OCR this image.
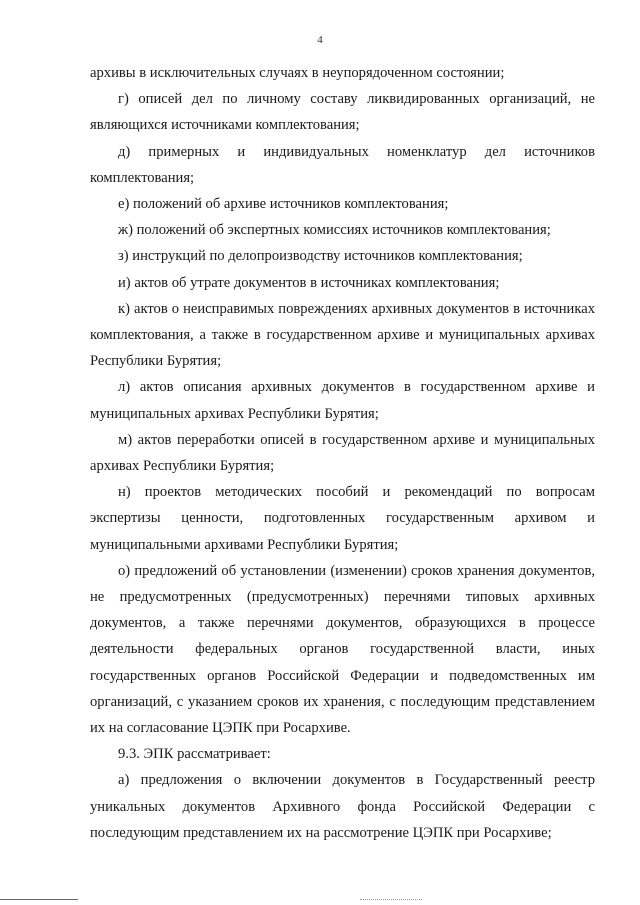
4

архивы в исключительных случаях в неупорядоченном состоянии;

г) описей дел по личному составу ликвидированных организаций, не являющихся источниками комплектования;

д) примерных и индивидуальных номенклатур дел источников комплектования;

е) положений об архиве источников комплектования;

ж) положений об экспертных комиссиях источников комплектования;

з) инструкций по делопроизводству источников комплектования;

и) актов об утрате документов в источниках комплектования;

к) актов о неисправимых повреждениях архивных документов в источниках комплектования, а также в государственном архиве и муниципальных архивах Республики Бурятия;

л) актов описания архивных документов в государственном архиве и муниципальных архивах Республики Бурятия;

м) актов переработки описей в государственном архиве и муниципальных архивах Республики Бурятия;

н) проектов методических пособий и рекомендаций по вопросам экспертизы ценности, подготовленных государственным архивом и муниципальными архивами Республики Бурятия;

о) предложений об установлении (изменении) сроков хранения документов, не предусмотренных (предусмотренных) перечнями типовых архивных документов, а также перечнями документов, образующихся в процессе деятельности федеральных органов государственной власти, иных государственных органов Российской Федерации и подведомственных им организаций, с указанием сроков их хранения, с последующим представлением их на согласование ЦЭПК при Росархиве.

9.3. ЭПК рассматривает:

а) предложения о включении документов в Государственный реестр уникальных документов Архивного фонда Российской Федерации с последующим представлением их на рассмотрение ЦЭПК при Росархиве;
